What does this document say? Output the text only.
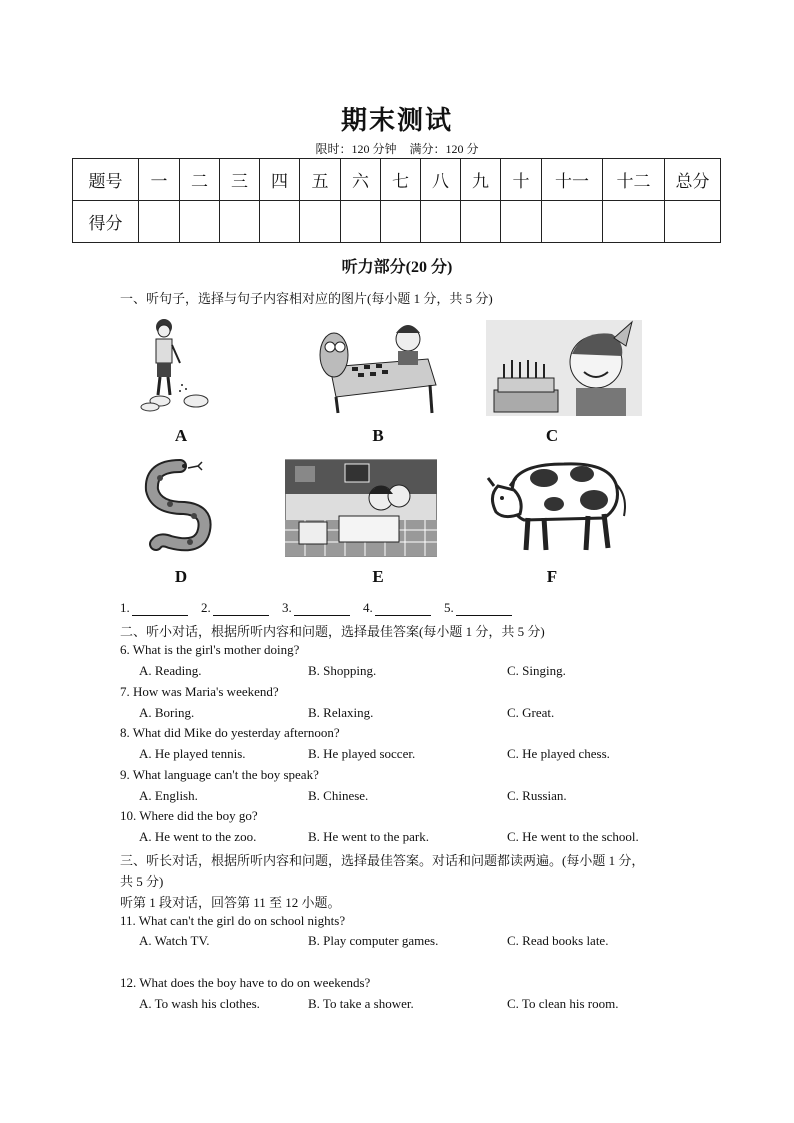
期末测试
限时：120 分钟 满分：120 分
题号	一	二	三	四	五	六	七	八	九	十	十一	十二	总分
得分													
听力部分(20 分)
一、听句子，选择与句子内容相对应的图片(每小题 1 分，共 5 分)
A	B	C
D	E	F
1.	2.	3.	4.	5.
二、听小对话，根据所听内容和问题，选择最佳答案(每小题 1 分，共 5 分)
6. What is the girl's mother doing?
A. Reading.	B. Shopping.	C. Singing.
7. How was Maria's weekend?
A. Boring.	B. Relaxing.	C. Great.
8. What did Mike do yesterday afternoon?
A. He played tennis.	B. He played soccer.	C. He played chess.
9. What language can't the boy speak?
A. English.	B. Chinese.	C. Russian.
10. Where did the boy go?
A. He went to the zoo.	B. He went to the park.	C. He went to the school.
三、听长对话，根据所听内容和问题，选择最佳答案。对话和问题都读两遍。(每小题 1 分，
共 5 分)
听第 1 段对话，回答第 11 至 12 小题。
11. What can't the girl do on school nights?
A. Watch TV.	B. Play computer games.	C. Read books late.
12. What does the boy have to do on weekends?
A. To wash his clothes.	B. To take a shower.	C. To clean his room.
